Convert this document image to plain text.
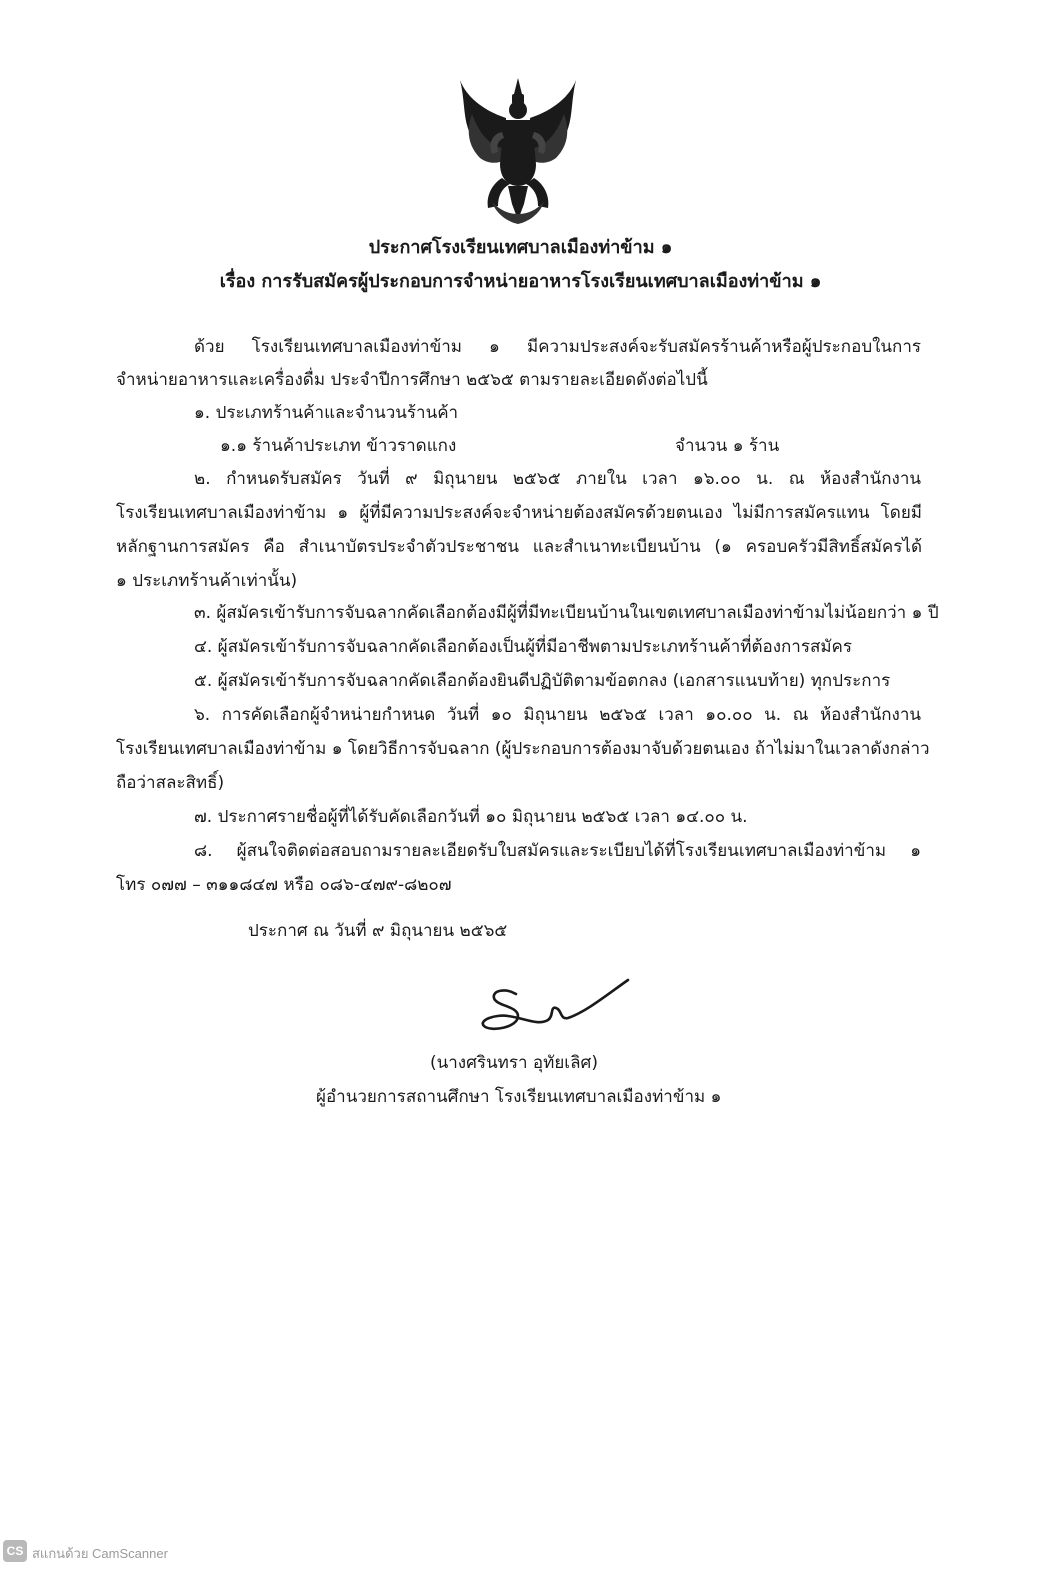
ประกาศโรงเรียนเทศบาลเมืองท่าข้าม ๑
เรื่อง การรับสมัครผู้ประกอบการจำหน่ายอาหารโรงเรียนเทศบาลเมืองท่าข้าม ๑
ด้วย โรงเรียนเทศบาลเมืองท่าข้าม ๑ มีความประสงค์จะรับสมัครร้านค้าหรือผู้ประกอบในการ
จำหน่ายอาหารและเครื่องดื่ม ประจำปีการศึกษา ๒๕๖๕ ตามรายละเอียดดังต่อไปนี้
๑. ประเภทร้านค้าและจำนวนร้านค้า
๑.๑ ร้านค้าประเภท ข้าวราดแกง	จำนวน ๑ ร้าน
๒. กำหนดรับสมัคร วันที่ ๙ มิถุนายน ๒๕๖๕ ภายใน เวลา ๑๖.๐๐ น. ณ ห้องสำนักงาน
โรงเรียนเทศบาลเมืองท่าข้าม ๑ ผู้ที่มีความประสงค์จะจำหน่ายต้องสมัครด้วยตนเอง ไม่มีการสมัครแทน โดยมี
หลักฐานการสมัคร คือ สำเนาบัตรประจำตัวประชาชน และสำเนาทะเบียนบ้าน (๑ ครอบครัวมีสิทธิ์สมัครได้
๑ ประเภทร้านค้าเท่านั้น)
๓. ผู้สมัครเข้ารับการจับฉลากคัดเลือกต้องมีผู้ที่มีทะเบียนบ้านในเขตเทศบาลเมืองท่าข้ามไม่น้อยกว่า ๑ ปี
๔. ผู้สมัครเข้ารับการจับฉลากคัดเลือกต้องเป็นผู้ที่มีอาชีพตามประเภทร้านค้าที่ต้องการสมัคร
๕. ผู้สมัครเข้ารับการจับฉลากคัดเลือกต้องยินดีปฏิบัติตามข้อตกลง (เอกสารแนบท้าย) ทุกประการ
๖. การคัดเลือกผู้จำหน่ายกำหนด วันที่ ๑๐ มิถุนายน ๒๕๖๕ เวลา ๑๐.๐๐ น. ณ ห้องสำนักงาน
โรงเรียนเทศบาลเมืองท่าข้าม ๑ โดยวิธีการจับฉลาก (ผู้ประกอบการต้องมาจับด้วยตนเอง ถ้าไม่มาในเวลาดังกล่าว
ถือว่าสละสิทธิ์)
๗. ประกาศรายชื่อผู้ที่ได้รับคัดเลือกวันที่ ๑๐ มิถุนายน ๒๕๖๕ เวลา ๑๔.๐๐ น.
๘. ผู้สนใจติดต่อสอบถามรายละเอียดรับใบสมัครและระเบียบได้ที่โรงเรียนเทศบาลเมืองท่าข้าม ๑
โทร ๐๗๗ – ๓๑๑๘๔๗ หรือ ๐๘๖-๔๗๙-๘๒๐๗
ประกาศ ณ วันที่ ๙ มิถุนายน ๒๕๖๕
(นางศรินทรา อุทัยเลิศ)
ผู้อำนวยการสถานศึกษา โรงเรียนเทศบาลเมืองท่าข้าม ๑
CS สแกนด้วย CamScanner
